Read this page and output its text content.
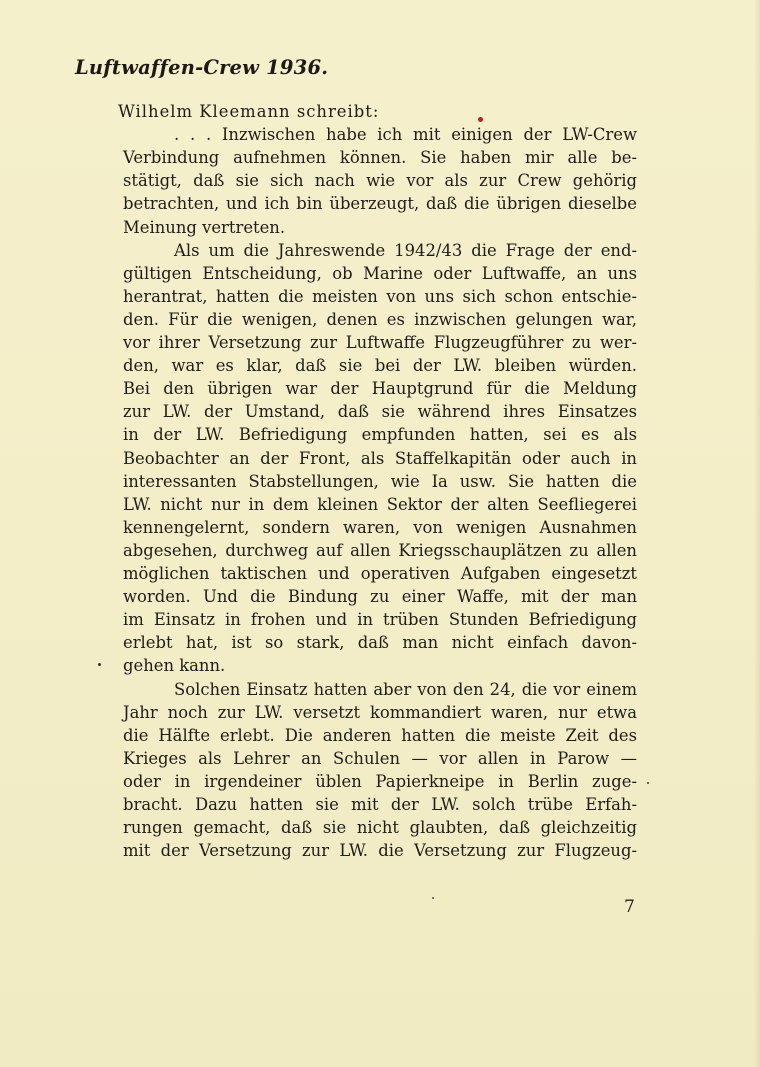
Luftwaffen-Crew 1936.
Wilhelm Kleemann schreibt:
. . . Inzwischen habe ich mit einigen der LW-Crew
Verbindung aufnehmen können. Sie haben mir alle be-
stätigt, daß sie sich nach wie vor als zur Crew gehörig
betrachten, und ich bin überzeugt, daß die übrigen dieselbe
Meinung vertreten.
Als um die Jahreswende 1942/43 die Frage der end-
gültigen Entscheidung, ob Marine oder Luftwaffe, an uns
herantrat, hatten die meisten von uns sich schon entschie-
den. Für die wenigen, denen es inzwischen gelungen war,
vor ihrer Versetzung zur Luftwaffe Flugzeugführer zu wer-
den, war es klar, daß sie bei der LW. bleiben würden.
Bei den übrigen war der Hauptgrund für die Meldung
zur LW. der Umstand, daß sie während ihres Einsatzes
in der LW. Befriedigung empfunden hatten, sei es als
Beobachter an der Front, als Staffelkapitän oder auch in
interessanten Stabstellungen, wie Ia usw. Sie hatten die
LW. nicht nur in dem kleinen Sektor der alten Seefliegerei
kennengelernt, sondern waren, von wenigen Ausnahmen
abgesehen, durchweg auf allen Kriegsschauplätzen zu allen
möglichen taktischen und operativen Aufgaben eingesetzt
worden. Und die Bindung zu einer Waffe, mit der man
im Einsatz in frohen und in trüben Stunden Befriedigung
erlebt hat, ist so stark, daß man nicht einfach davon-
gehen kann.
Solchen Einsatz hatten aber von den 24, die vor einem
Jahr noch zur LW. versetzt kommandiert waren, nur etwa
die Hälfte erlebt. Die anderen hatten die meiste Zeit des
Krieges als Lehrer an Schulen — vor allen in Parow —
oder in irgendeiner üblen Papierkneipe in Berlin zuge-
bracht. Dazu hatten sie mit der LW. solch trübe Erfah-
rungen gemacht, daß sie nicht glaubten, daß gleichzeitig
mit der Versetzung zur LW. die Versetzung zur Flugzeug-
7
